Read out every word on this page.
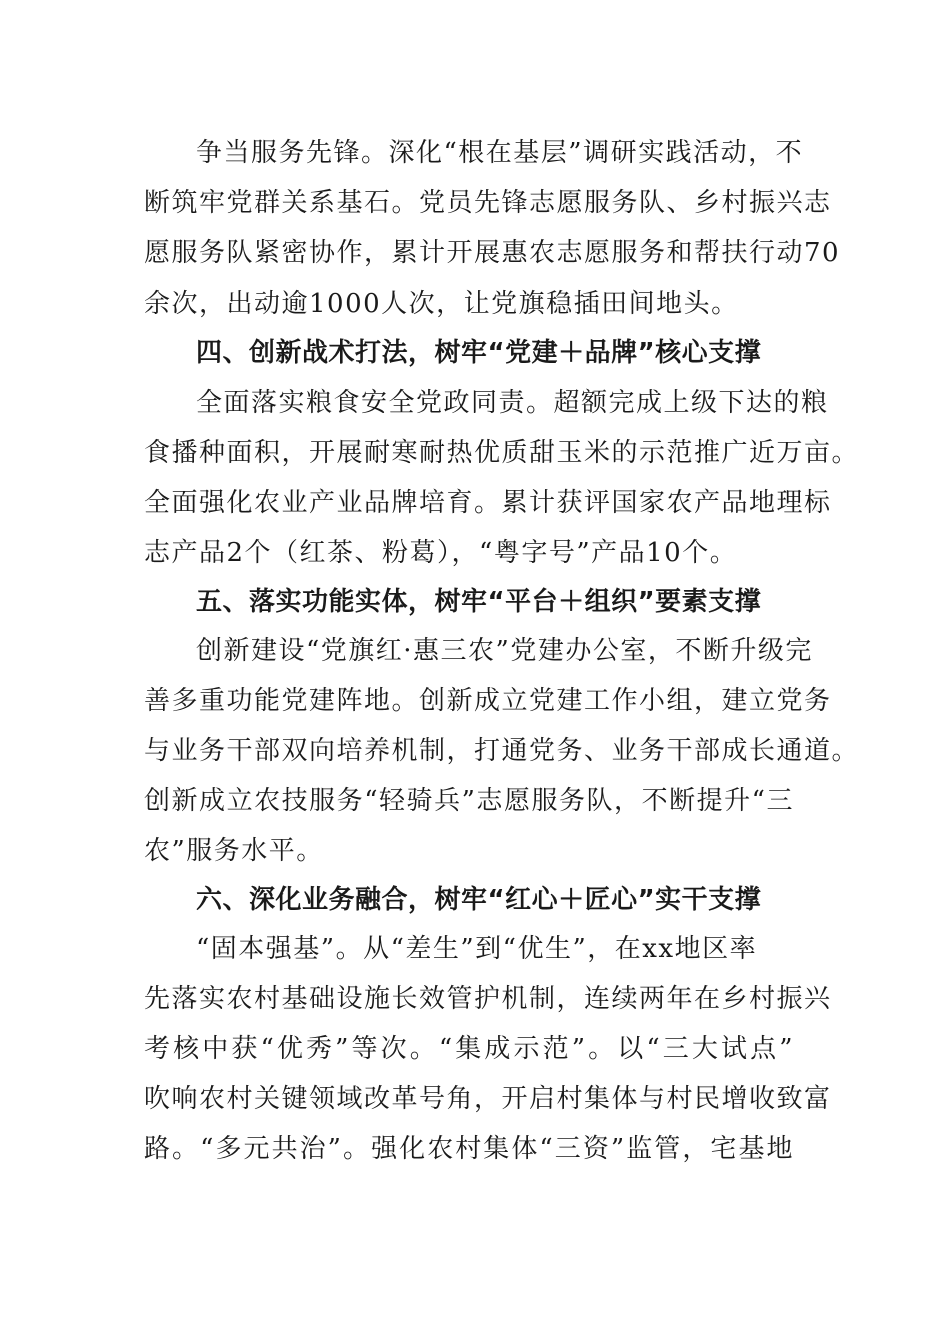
争当服务先锋。深化“根在基层”调研实践活动，不
断筑牢党群关系基石。党员先锋志愿服务队、乡村振兴志
愿服务队紧密协作，累计开展惠农志愿服务和帮扶行动70
余次，出动逾1000人次，让党旗稳插田间地头。
四、创新战术打法，树牢“党建＋品牌”核心支撑
全面落实粮食安全党政同责。超额完成上级下达的粮
食播种面积，开展耐寒耐热优质甜玉米的示范推广近万亩。
全面强化农业产业品牌培育。累计获评国家农产品地理标
志产品2个（红茶、粉葛），“粤字号”产品10个。
五、落实功能实体，树牢“平台＋组织”要素支撑
创新建设“党旗红·惠三农”党建办公室，不断升级完
善多重功能党建阵地。创新成立党建工作小组，建立党务
与业务干部双向培养机制，打通党务、业务干部成长通道。
创新成立农技服务“轻骑兵”志愿服务队，不断提升“三
农”服务水平。
六、深化业务融合，树牢“红心＋匠心”实干支撑
“固本强基”。从“差生”到“优生”，在xx地区率
先落实农村基础设施长效管护机制，连续两年在乡村振兴
考核中获“优秀”等次。“集成示范”。以“三大试点”
吹响农村关键领域改革号角，开启村集体与村民增收致富
路。“多元共治”。强化农村集体“三资”监管，宅基地
